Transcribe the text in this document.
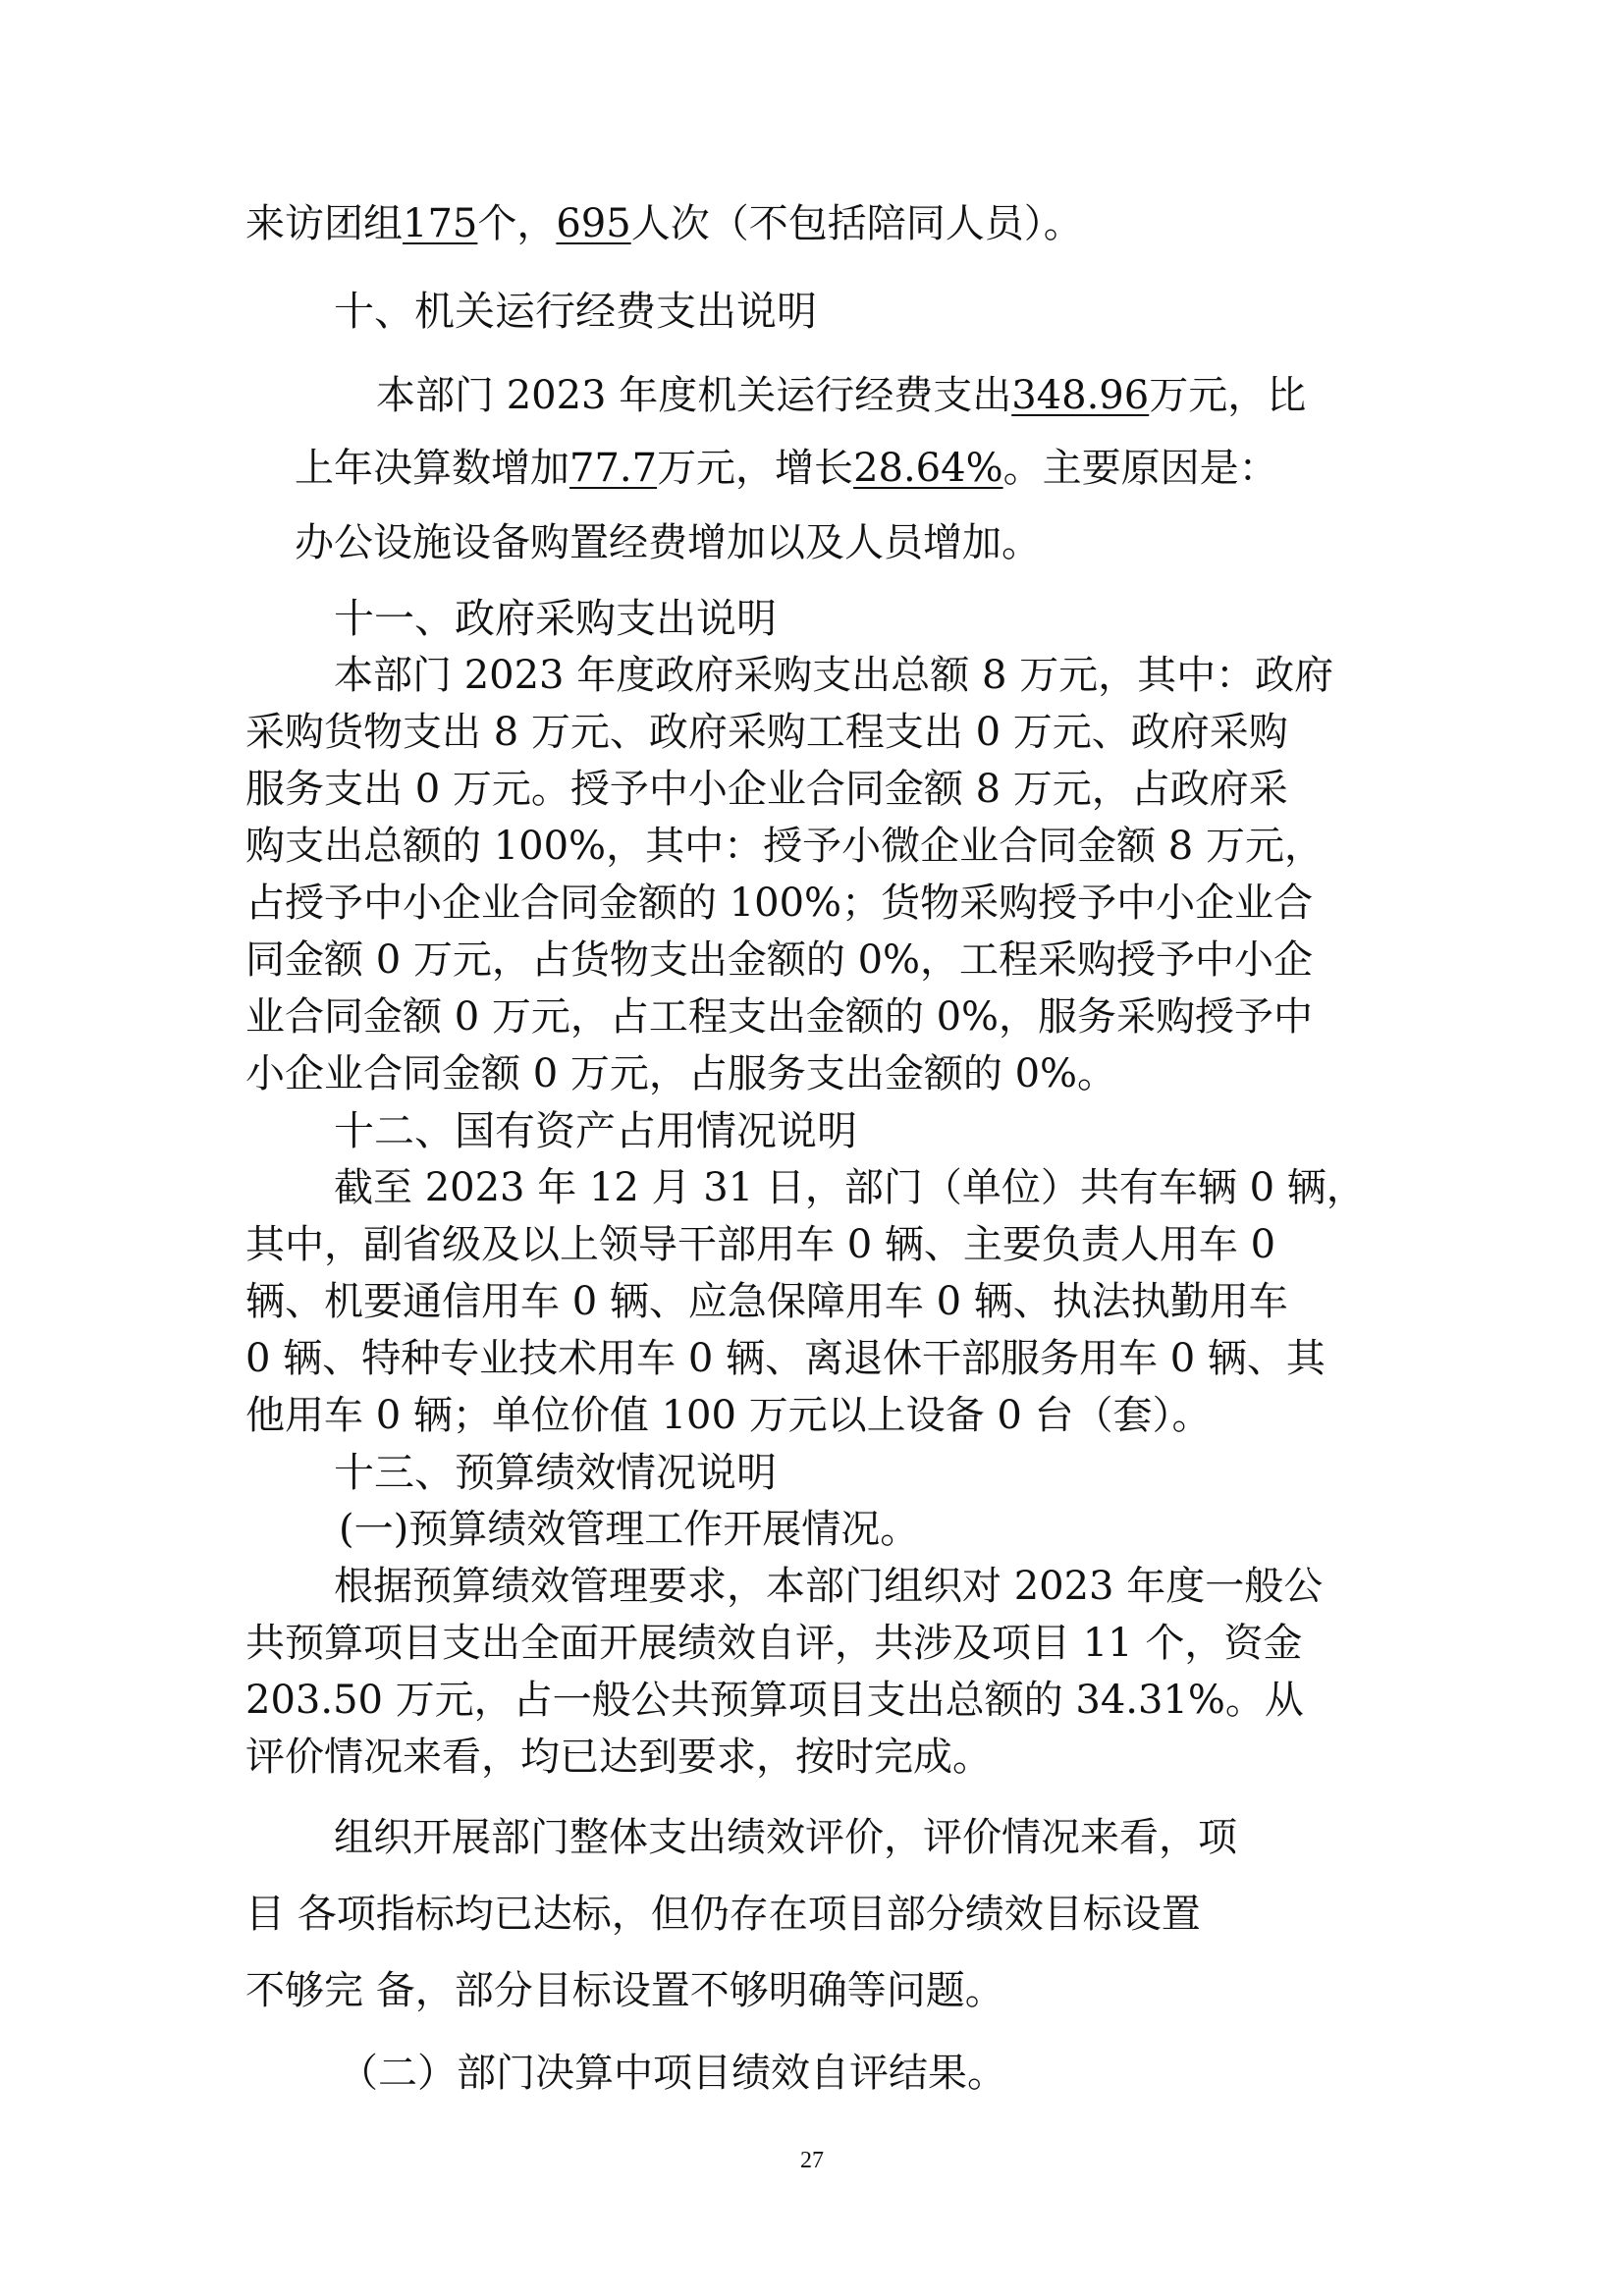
来访团组175个，695人次（不包括陪同人员）。
十、机关运行经费支出说明
本部门 2023 年度机关运行经费支出348.96万元，比
上年决算数增加77.7万元，增长28.64%。主要原因是：
办公设施设备购置经费增加以及人员增加。
十一、政府采购支出说明
本部门 2023 年度政府采购支出总额 8 万元，其中：政府
采购货物支出 8 万元、政府采购工程支出 0 万元、政府采购
服务支出 0 万元。授予中小企业合同金额 8 万元，占政府采
购支出总额的 100%，其中：授予小微企业合同金额 8 万元，
占授予中小企业合同金额的 100%；货物采购授予中小企业合
同金额 0 万元，占货物支出金额的 0%，工程采购授予中小企
业合同金额 0 万元，占工程支出金额的 0%，服务采购授予中
小企业合同金额 0 万元，占服务支出金额的 0%。
十二、国有资产占用情况说明
截至 2023 年 12 月 31 日，部门（单位）共有车辆 0 辆，
其中，副省级及以上领导干部用车 0 辆、主要负责人用车 0
辆、机要通信用车 0 辆、应急保障用车 0 辆、执法执勤用车
0 辆、特种专业技术用车 0 辆、离退休干部服务用车 0 辆、其
他用车 0 辆；单位价值 100 万元以上设备 0 台（套）。
十三、预算绩效情况说明
(一)预算绩效管理工作开展情况。
根据预算绩效管理要求，本部门组织对 2023 年度一般公
共预算项目支出全面开展绩效自评，共涉及项目 11 个，资金
203.50 万元，占一般公共预算项目支出总额的 34.31%。从
评价情况来看，均已达到要求，按时完成。
组织开展部门整体支出绩效评价，评价情况来看，项
目 各项指标均已达标，但仍存在项目部分绩效目标设置
不够完 备，部分目标设置不够明确等问题。
（二）部门决算中项目绩效自评结果。
27
